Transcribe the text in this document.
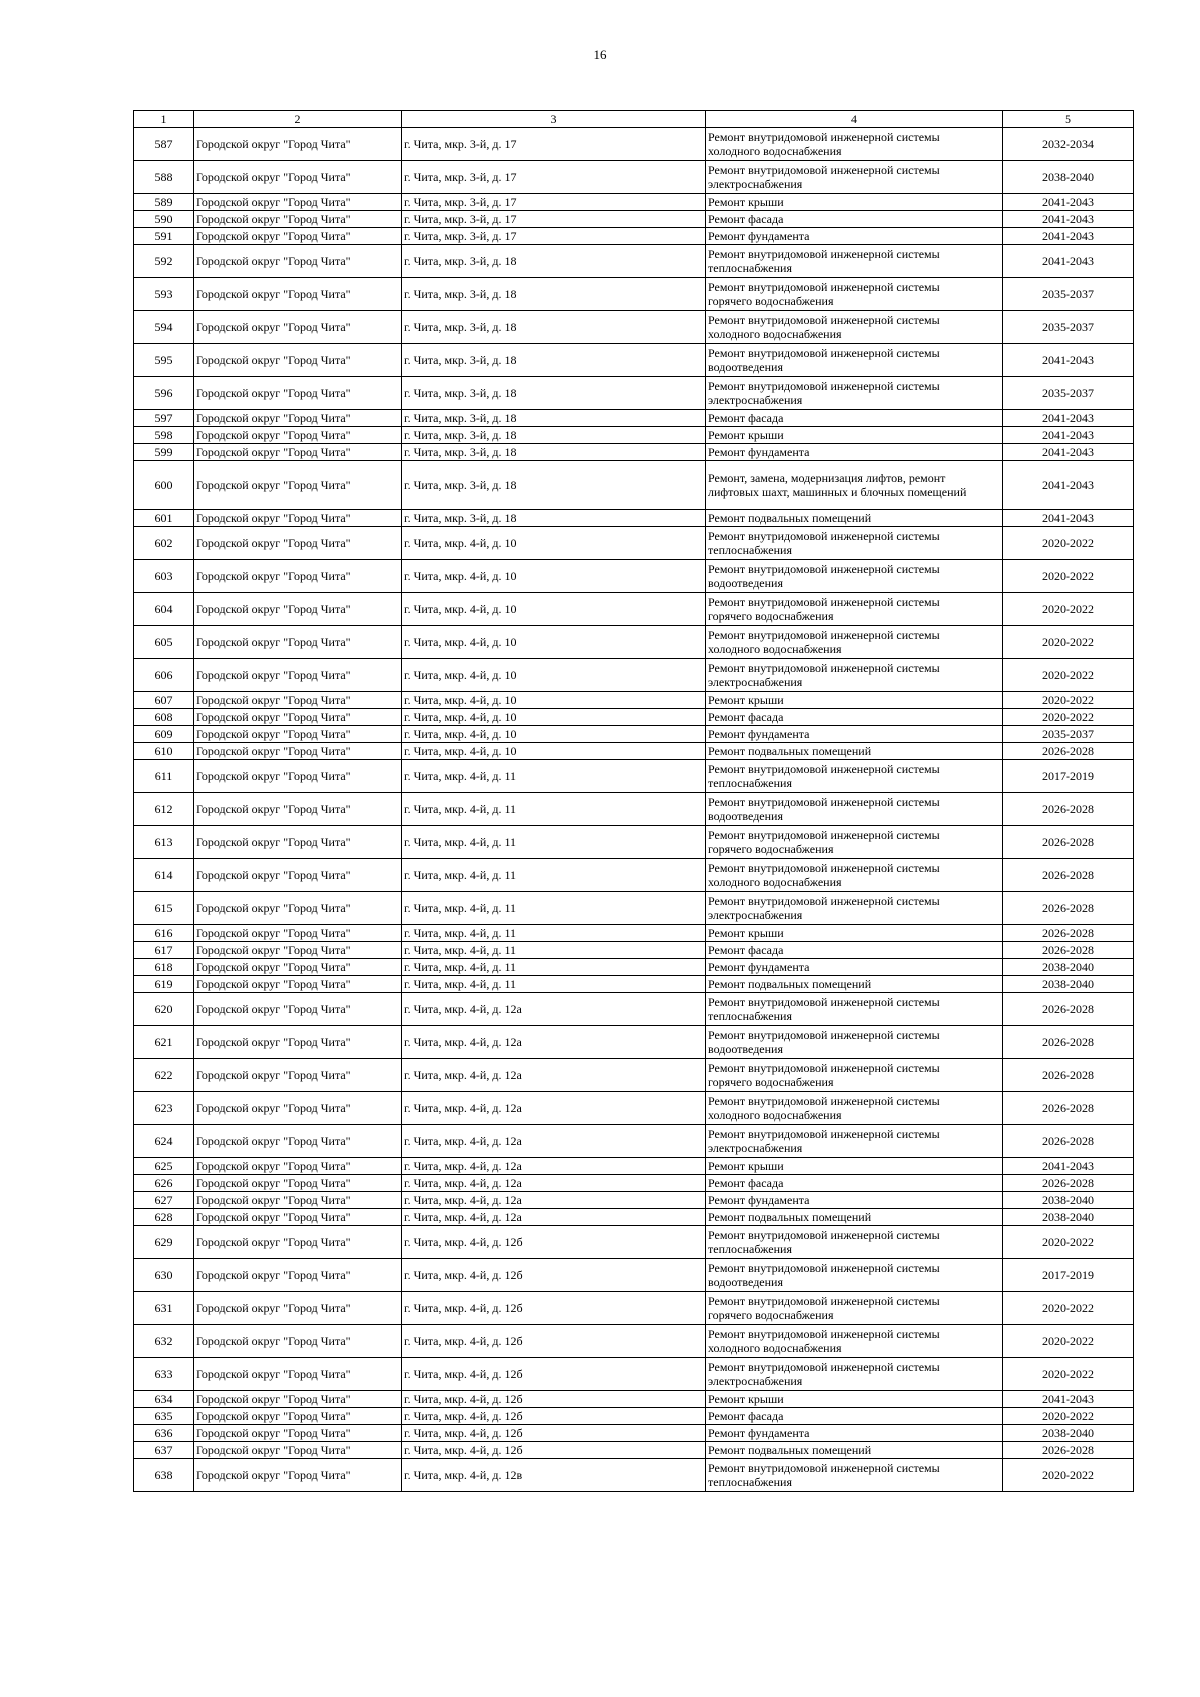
16
1	2	3	4	5
587	Городской округ "Город Чита"	г. Чита, мкр. 3-й, д. 17	Ремонт внутридомовой инженерной системы
холодного водоснабжения	2032-2034
588	Городской округ "Город Чита"	г. Чита, мкр. 3-й, д. 17	Ремонт внутридомовой инженерной системы
электроснабжения	2038-2040
589	Городской округ "Город Чита"	г. Чита, мкр. 3-й, д. 17	Ремонт крыши	2041-2043
590	Городской округ "Город Чита"	г. Чита, мкр. 3-й, д. 17	Ремонт фасада	2041-2043
591	Городской округ "Город Чита"	г. Чита, мкр. 3-й, д. 17	Ремонт фундамента	2041-2043
592	Городской округ "Город Чита"	г. Чита, мкр. 3-й, д. 18	Ремонт внутридомовой инженерной системы
теплоснабжения	2041-2043
593	Городской округ "Город Чита"	г. Чита, мкр. 3-й, д. 18	Ремонт внутридомовой инженерной системы
горячего водоснабжения	2035-2037
594	Городской округ "Город Чита"	г. Чита, мкр. 3-й, д. 18	Ремонт внутридомовой инженерной системы
холодного водоснабжения	2035-2037
595	Городской округ "Город Чита"	г. Чита, мкр. 3-й, д. 18	Ремонт внутридомовой инженерной системы
водоотведения	2041-2043
596	Городской округ "Город Чита"	г. Чита, мкр. 3-й, д. 18	Ремонт внутридомовой инженерной системы
электроснабжения	2035-2037
597	Городской округ "Город Чита"	г. Чита, мкр. 3-й, д. 18	Ремонт фасада	2041-2043
598	Городской округ "Город Чита"	г. Чита, мкр. 3-й, д. 18	Ремонт крыши	2041-2043
599	Городской округ "Город Чита"	г. Чита, мкр. 3-й, д. 18	Ремонт фундамента	2041-2043
600	Городской округ "Город Чита"	г. Чита, мкр. 3-й, д. 18	Ремонт, замена, модернизация лифтов, ремонт
лифтовых шахт, машинных и блочных помещений	2041-2043
601	Городской округ "Город Чита"	г. Чита, мкр. 3-й, д. 18	Ремонт подвальных помещений	2041-2043
602	Городской округ "Город Чита"	г. Чита, мкр. 4-й, д. 10	Ремонт внутридомовой инженерной системы
теплоснабжения	2020-2022
603	Городской округ "Город Чита"	г. Чита, мкр. 4-й, д. 10	Ремонт внутридомовой инженерной системы
водоотведения	2020-2022
604	Городской округ "Город Чита"	г. Чита, мкр. 4-й, д. 10	Ремонт внутридомовой инженерной системы
горячего водоснабжения	2020-2022
605	Городской округ "Город Чита"	г. Чита, мкр. 4-й, д. 10	Ремонт внутридомовой инженерной системы
холодного водоснабжения	2020-2022
606	Городской округ "Город Чита"	г. Чита, мкр. 4-й, д. 10	Ремонт внутридомовой инженерной системы
электроснабжения	2020-2022
607	Городской округ "Город Чита"	г. Чита, мкр. 4-й, д. 10	Ремонт крыши	2020-2022
608	Городской округ "Город Чита"	г. Чита, мкр. 4-й, д. 10	Ремонт фасада	2020-2022
609	Городской округ "Город Чита"	г. Чита, мкр. 4-й, д. 10	Ремонт фундамента	2035-2037
610	Городской округ "Город Чита"	г. Чита, мкр. 4-й, д. 10	Ремонт подвальных помещений	2026-2028
611	Городской округ "Город Чита"	г. Чита, мкр. 4-й, д. 11	Ремонт внутридомовой инженерной системы
теплоснабжения	2017-2019
612	Городской округ "Город Чита"	г. Чита, мкр. 4-й, д. 11	Ремонт внутридомовой инженерной системы
водоотведения	2026-2028
613	Городской округ "Город Чита"	г. Чита, мкр. 4-й, д. 11	Ремонт внутридомовой инженерной системы
горячего водоснабжения	2026-2028
614	Городской округ "Город Чита"	г. Чита, мкр. 4-й, д. 11	Ремонт внутридомовой инженерной системы
холодного водоснабжения	2026-2028
615	Городской округ "Город Чита"	г. Чита, мкр. 4-й, д. 11	Ремонт внутридомовой инженерной системы
электроснабжения	2026-2028
616	Городской округ "Город Чита"	г. Чита, мкр. 4-й, д. 11	Ремонт крыши	2026-2028
617	Городской округ "Город Чита"	г. Чита, мкр. 4-й, д. 11	Ремонт фасада	2026-2028
618	Городской округ "Город Чита"	г. Чита, мкр. 4-й, д. 11	Ремонт фундамента	2038-2040
619	Городской округ "Город Чита"	г. Чита, мкр. 4-й, д. 11	Ремонт подвальных помещений	2038-2040
620	Городской округ "Город Чита"	г. Чита, мкр. 4-й, д. 12а	Ремонт внутридомовой инженерной системы
теплоснабжения	2026-2028
621	Городской округ "Город Чита"	г. Чита, мкр. 4-й, д. 12а	Ремонт внутридомовой инженерной системы
водоотведения	2026-2028
622	Городской округ "Город Чита"	г. Чита, мкр. 4-й, д. 12а	Ремонт внутридомовой инженерной системы
горячего водоснабжения	2026-2028
623	Городской округ "Город Чита"	г. Чита, мкр. 4-й, д. 12а	Ремонт внутридомовой инженерной системы
холодного водоснабжения	2026-2028
624	Городской округ "Город Чита"	г. Чита, мкр. 4-й, д. 12а	Ремонт внутридомовой инженерной системы
электроснабжения	2026-2028
625	Городской округ "Город Чита"	г. Чита, мкр. 4-й, д. 12а	Ремонт крыши	2041-2043
626	Городской округ "Город Чита"	г. Чита, мкр. 4-й, д. 12а	Ремонт фасада	2026-2028
627	Городской округ "Город Чита"	г. Чита, мкр. 4-й, д. 12а	Ремонт фундамента	2038-2040
628	Городской округ "Город Чита"	г. Чита, мкр. 4-й, д. 12а	Ремонт подвальных помещений	2038-2040
629	Городской округ "Город Чита"	г. Чита, мкр. 4-й, д. 12б	Ремонт внутридомовой инженерной системы
теплоснабжения	2020-2022
630	Городской округ "Город Чита"	г. Чита, мкр. 4-й, д. 12б	Ремонт внутридомовой инженерной системы
водоотведения	2017-2019
631	Городской округ "Город Чита"	г. Чита, мкр. 4-й, д. 12б	Ремонт внутридомовой инженерной системы
горячего водоснабжения	2020-2022
632	Городской округ "Город Чита"	г. Чита, мкр. 4-й, д. 12б	Ремонт внутридомовой инженерной системы
холодного водоснабжения	2020-2022
633	Городской округ "Город Чита"	г. Чита, мкр. 4-й, д. 12б	Ремонт внутридомовой инженерной системы
электроснабжения	2020-2022
634	Городской округ "Город Чита"	г. Чита, мкр. 4-й, д. 12б	Ремонт крыши	2041-2043
635	Городской округ "Город Чита"	г. Чита, мкр. 4-й, д. 12б	Ремонт фасада	2020-2022
636	Городской округ "Город Чита"	г. Чита, мкр. 4-й, д. 12б	Ремонт фундамента	2038-2040
637	Городской округ "Город Чита"	г. Чита, мкр. 4-й, д. 12б	Ремонт подвальных помещений	2026-2028
638	Городской округ "Город Чита"	г. Чита, мкр. 4-й, д. 12в	Ремонт внутридомовой инженерной системы
теплоснабжения	2020-2022
